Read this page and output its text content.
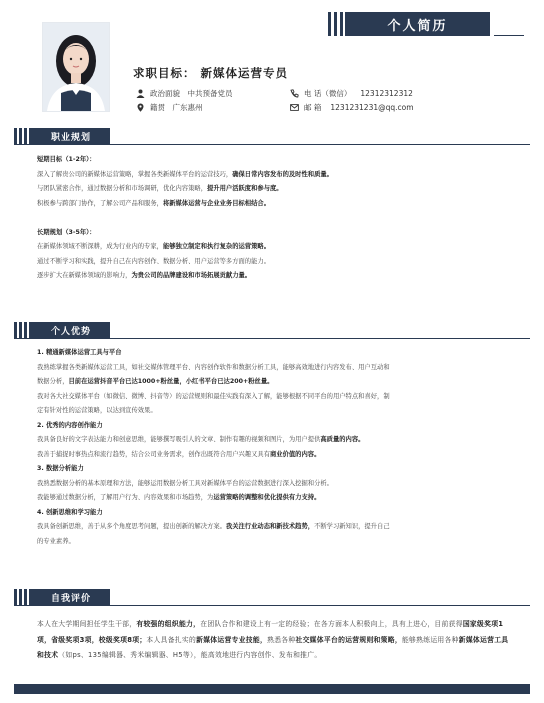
个人简历
求职目标： 新媒体运营专员
政治面貌　中共预备党员
籍贯　广东惠州
电 话（微信） 12312312312
邮 箱 1231231231@qq.com
职业规划

短期目标（1-2年）：

深入了解贵公司的新媒体运营策略，掌握各类新媒体平台的运营技巧，确保日常内容发布的及时性和质量。

与团队紧密合作，通过数据分析和市场调研，优化内容策略，提升用户活跃度和参与度。

积极参与跨部门协作，了解公司产品和服务，将新媒体运营与企业业务目标相结合。

长期规划（3-5年）：

在新媒体领域不断深耕，成为行业内的专家，能够独立制定和执行复杂的运营策略。

通过不断学习和实践，提升自己在内容创作、数据分析、用户运营等多方面的能力。

逐步扩大在新媒体领域的影响力，为贵公司的品牌建设和市场拓展贡献力量。

个人优势

1. 精通新媒体运营工具与平台

我熟练掌握各类新媒体运营工具，如社交媒体管理平台、内容创作软件和数据分析工具，能够高效地进行内容发布、用户互动和

数据分析，目前在运营抖音平台已达1000+粉丝量，小红书平台已达200+粉丝量。

我对各大社交媒体平台（如微信、微博、抖音等）的运营规则和最佳实践有深入了解，能够根据不同平台的用户特点和喜好，制

定有针对性的运营策略，以达到宣传效果。

2. 优秀的内容创作能力

我具备良好的文字表达能力和创意思维，能够撰写吸引人的文章、制作有趣的视频和图片，为用户提供高质量的内容。

我善于捕捉时事热点和流行趋势，结合公司业务需求，创作出既符合用户兴趣又具有商业价值的内容。

3. 数据分析能力

我熟悉数据分析的基本原理和方法，能够运用数据分析工具对新媒体平台的运营数据进行深入挖掘和分析。

我能够通过数据分析，了解用户行为、内容效果和市场趋势，为运营策略的调整和优化提供有力支持。

4. 创新思维和学习能力

我具备创新思维，善于从多个角度思考问题，提出创新的解决方案。我关注行业动态和新技术趋势，不断学习新知识，提升自己

的专业素养。

自我评价
本人在大学期间担任学生干部，有较强的组织能力，在团队合作和建设上有一定的经验；在各方面本人积极向上，具有上进心，目前获得国家级奖项1项，省级奖项3项，校级奖项8项；本人具备扎实的新媒体运营专业技能，熟悉各种社交媒体平台的运营规则和策略，能够熟练运用各种新媒体运营工具和技术（如ps、135编辑器、秀米编辑器、H5等），能高效地进行内容创作、发布和推广。
